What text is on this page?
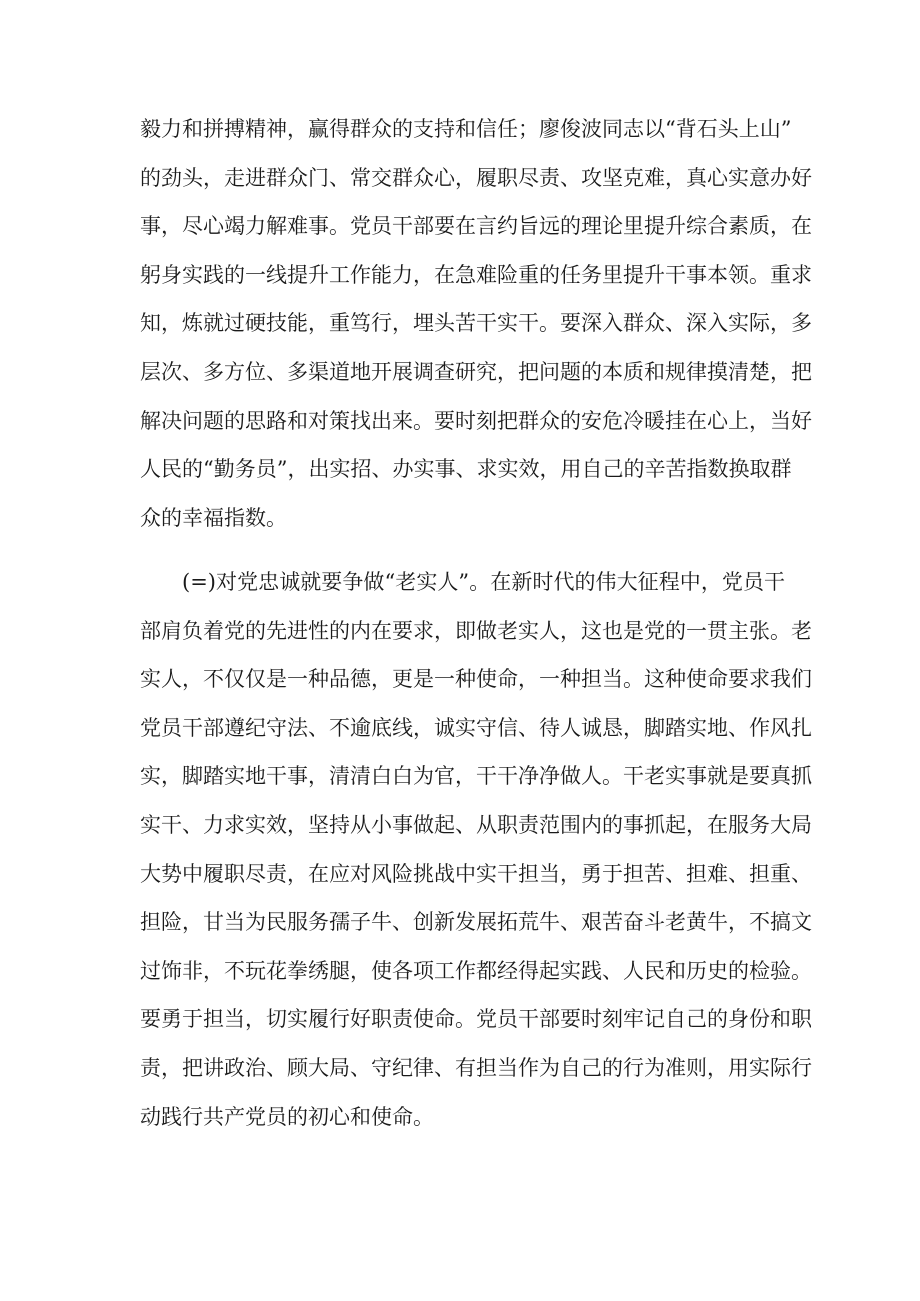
毅力和拼搏精神，赢得群众的支持和信任；廖俊波同志以“背石头上山”
的劲头，走进群众门、常交群众心，履职尽责、攻坚克难，真心实意办好
事，尽心竭力解难事。党员干部要在言约旨远的理论里提升综合素质，在
躬身实践的一线提升工作能力，在急难险重的任务里提升干事本领。重求
知，炼就过硬技能，重笃行，埋头苦干实干。要深入群众、深入实际，多
层次、多方位、多渠道地开展调查研究，把问题的本质和规律摸清楚，把
解决问题的思路和对策找出来。要时刻把群众的安危冷暖挂在心上，当好
人民的“勤务员”，出实招、办实事、求实效，用自己的辛苦指数换取群
众的幸福指数。
(=)对党忠诚就要争做“老实人”。在新时代的伟大征程中，党员干
部肩负着党的先进性的内在要求，即做老实人，这也是党的一贯主张。老
实人，不仅仅是一种品德，更是一种使命，一种担当。这种使命要求我们
党员干部遵纪守法、不逾底线，诚实守信、待人诚恳，脚踏实地、作风扎
实，脚踏实地干事，清清白白为官，干干净净做人。干老实事就是要真抓
实干、力求实效，坚持从小事做起、从职责范围内的事抓起，在服务大局
大势中履职尽责，在应对风险挑战中实干担当，勇于担苦、担难、担重、
担险，甘当为民服务孺子牛、创新发展拓荒牛、艰苦奋斗老黄牛，不搞文
过饰非，不玩花拳绣腿，使各项工作都经得起实践、人民和历史的检验。
要勇于担当，切实履行好职责使命。党员干部要时刻牢记自己的身份和职
责，把讲政治、顾大局、守纪律、有担当作为自己的行为准则，用实际行
动践行共产党员的初心和使命。
